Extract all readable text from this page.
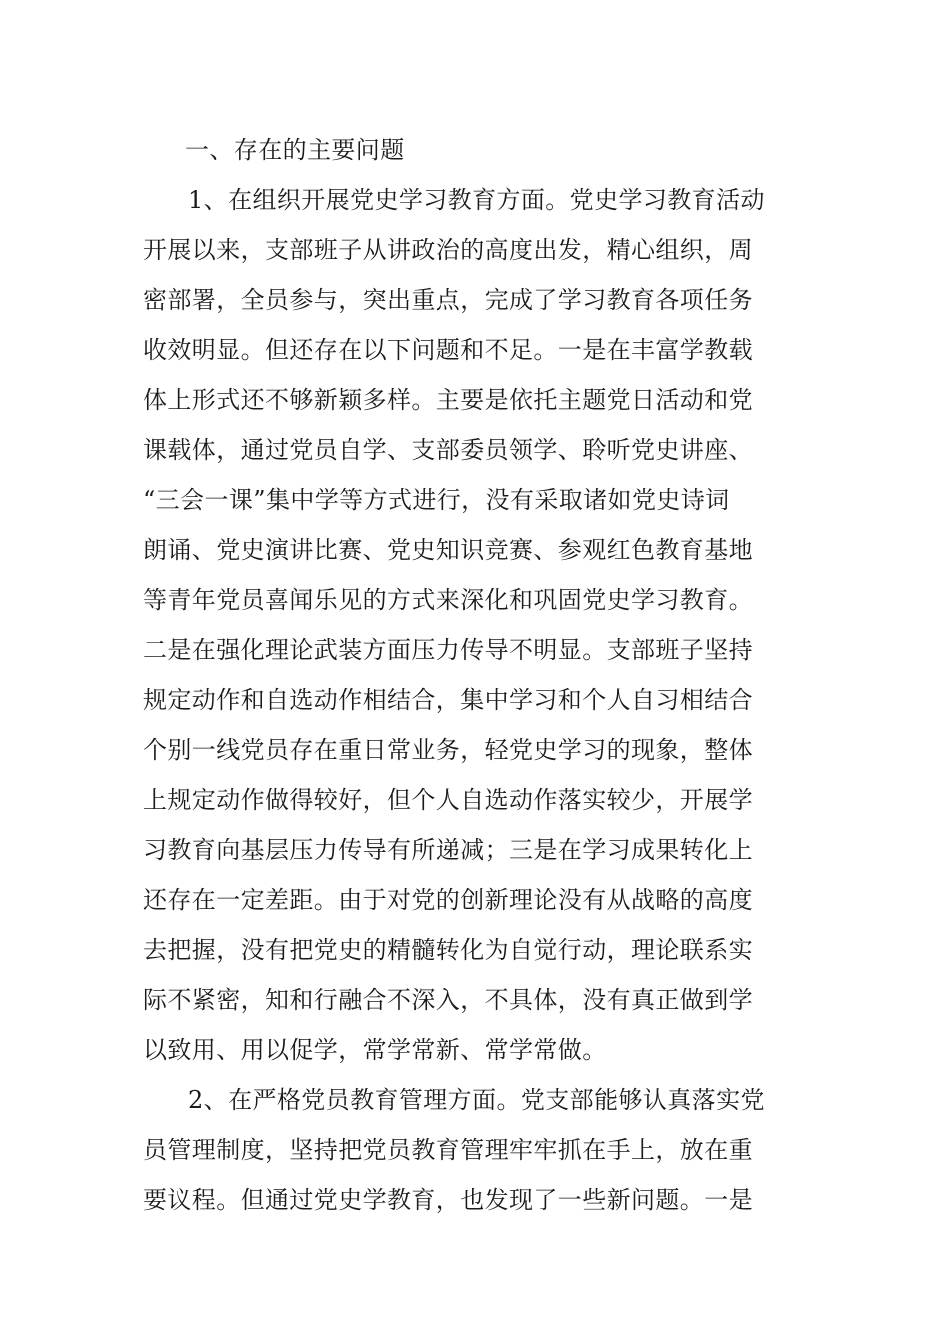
一、存在的主要问题
1、在组织开展党史学习教育方面。党史学习教育活动
开展以来，支部班子从讲政治的高度出发，精心组织，周
密部署，全员参与，突出重点，完成了学习教育各项任务
收效明显。但还存在以下问题和不足。一是在丰富学教载
体上形式还不够新颖多样。主要是依托主题党日活动和党
课载体，通过党员自学、支部委员领学、聆听党史讲座、
“三会一课”集中学等方式进行，没有采取诸如党史诗词
朗诵、党史演讲比赛、党史知识竞赛、参观红色教育基地
等青年党员喜闻乐见的方式来深化和巩固党史学习教育。
二是在强化理论武装方面压力传导不明显。支部班子坚持
规定动作和自选动作相结合，集中学习和个人自习相结合
个别一线党员存在重日常业务，轻党史学习的现象，整体
上规定动作做得较好，但个人自选动作落实较少，开展学
习教育向基层压力传导有所递减；三是在学习成果转化上
还存在一定差距。由于对党的创新理论没有从战略的高度
去把握，没有把党史的精髓转化为自觉行动，理论联系实
际不紧密，知和行融合不深入，不具体，没有真正做到学
以致用、用以促学，常学常新、常学常做。
2、在严格党员教育管理方面。党支部能够认真落实党
员管理制度，坚持把党员教育管理牢牢抓在手上，放在重
要议程。但通过党史学教育，也发现了一些新问题。一是
